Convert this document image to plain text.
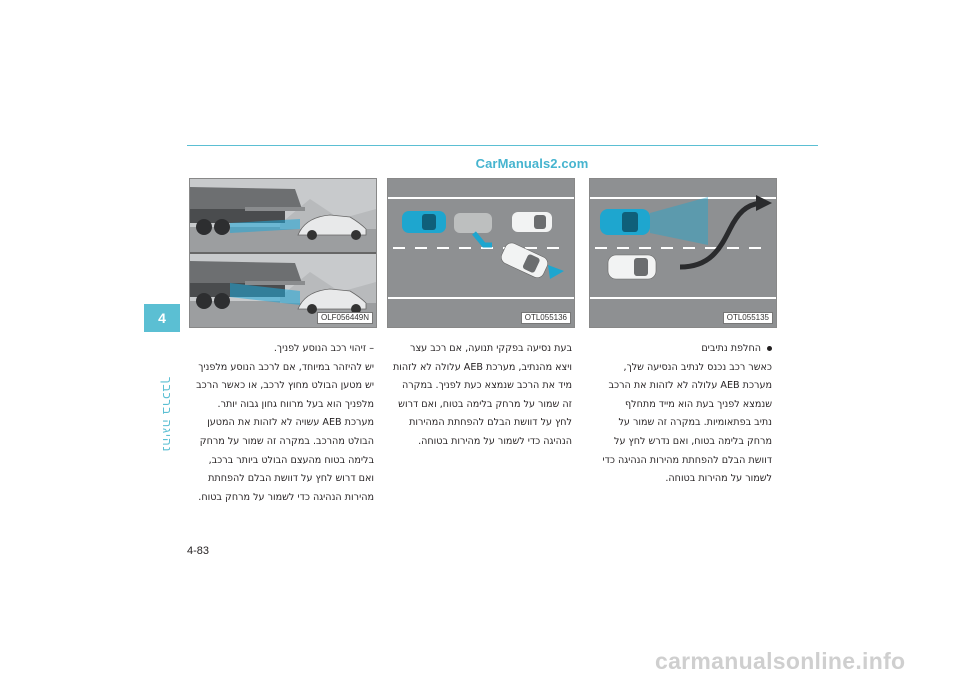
CarManuals2.com
4
נהיגה ברכבך
OLF056449N	OTL055136	OTL055135
החלפת נתיבים
כאשר רכב נכנס לנתיב הנסיעה שלך,
מערכת AEB עלולה לא לזהות את הרכב
שנמצא לפניך בעת הוא מייד מתחלף
נתיב בפתאומיות. במקרה זה שמור על
מרחק בלימה בטוח, ואם נדרש לחץ על
דוושת הבלם להפחתת מהירות הנהיגה כדי
לשמור על מהירות בטוחה.
בעת נסיעה בפקקי תנועה, אם רכב עצר
ויצא מהנתיב, מערכת AEB עלולה לא לזהות
מיד את הרכב שנמצא כעת לפניך. במקרה
זה שמור על מרחק בלימה בטוח, ואם דרוש
לחץ על דוושת הבלם להפחתת המהירות
הנהיגה כדי לשמור על מהירות בטוחה.
– זיהוי רכב הנוסע לפניך.
יש להיזהר במיוחד, אם לרכב הנוסע מלפניך
יש מטען הבולט מחוץ לרכב, או כאשר הרכב
מלפניך הוא בעל מרווח גחון גבוה יותר.
מערכת AEB עשויה לא לזהות את המטען
הבולט מהרכב. במקרה זה שמור על מרחק
בלימה בטוח מהעצם הבולט ביותר ברכב,
ואם דרוש לחץ על דוושת הבלם להפחתת
מהירות הנהיגה כדי לשמור על מרחק בטוח.
4-83
carmanualsonline.info
